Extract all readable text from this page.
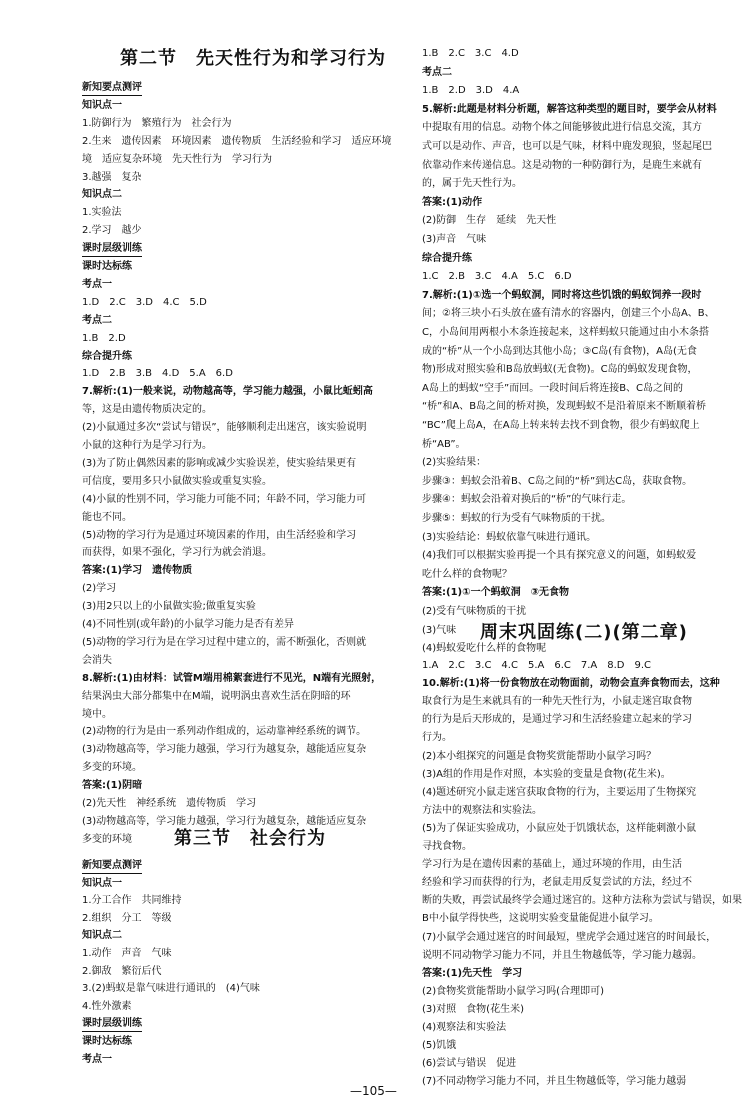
第二节　先天性行为和学习行为
新知要点测评
知识点一
1.防御行为　繁殖行为　社会行为
2.生来　遗传因素　环境因素　遗传物质　生活经验和学习　适应环境
境　适应复杂环境　先天性行为　学习行为
3.越强　复杂
知识点二
1.实验法
2.学习　越少
课时层级训练
课时达标练
考点一
1.D　2.C　3.D　4.C　5.D
考点二
1.B　2.D
综合提升练
1.D　2.B　3.B　4.D　5.A　6.D
7.解析:(1)一般来说，动物越高等，学习能力越强，小鼠比蚯蚓高
等，这是由遗传物质决定的。
(2)小鼠通过多次“尝试与错误”，能够顺利走出迷宫，该实验说明
小鼠的这种行为是学习行为。
(3)为了防止偶然因素的影响或减少实验误差，使实验结果更有
可信度，要用多只小鼠做实验或重复实验。
(4)小鼠的性别不同，学习能力可能不同；年龄不同，学习能力可
能也不同。
(5)动物的学习行为是通过环境因素的作用，由生活经验和学习
而获得，如果不强化，学习行为就会消退。
答案:(1)学习　遗传物质
(2)学习
(3)用2只以上的小鼠做实验;做重复实验
(4)不同性别(或年龄)的小鼠学习能力是否有差异
(5)动物的学习行为是在学习过程中建立的，需不断强化，否则就
会消失
8.解析:(1)由材料：试管M端用棉絮套进行不见光，N端有光照射，
结果涡虫大部分都集中在M端，说明涡虫喜欢生活在阴暗的环
境中。
(2)动物的行为是由一系列动作组成的，运动靠神经系统的调节。
(3)动物越高等，学习能力越强，学习行为越复杂，越能适应复杂
多变的环境。
答案:(1)阴暗
(2)先天性　神经系统　遗传物质　学习
(3)动物越高等，学习能力越强，学习行为越复杂，越能适应复杂
多变的环境 第三节　社会行为
新知要点测评
知识点一
1.分工合作　共同维持
2.组织　分工　等级
知识点二
1.动作　声音　气味
2.御敌　繁衍后代
3.(2)蚂蚁是靠气味进行通讯的　(4)气味
4.性外激素
课时层级训练
课时达标练
考点一
1.B　2.C　3.C　4.D
考点二
1.B　2.D　3.D　4.A
5.解析:此题是材料分析题，解答这种类型的题目时，要学会从材料
中提取有用的信息。动物个体之间能够彼此进行信息交流，其方
式可以是动作、声音，也可以是气味，材料中鹿发现狼，竖起尾巴
依靠动作来传递信息。这是动物的一种防御行为，是鹿生来就有
的，属于先天性行为。
答案:(1)动作
(2)防御　生存　延续　先天性
(3)声音　气味
综合提升练
1.C　2.B　3.C　4.A　5.C　6.D
7.解析:(1)①选一个蚂蚁洞，同时将这些饥饿的蚂蚁饲养一段时
间；②将三块小石头放在盛有清水的容器内，创建三个小岛A、B、
C，小岛间用两根小木条连接起来，这样蚂蚁只能通过由小木条搭
成的“桥”从一个小岛到达其他小岛；③C岛(有食物)，A岛(无食
物)形成对照实验和B岛放蚂蚁(无食物)。C岛的蚂蚁发现食物，
A岛上的蚂蚁“空手”而回。一段时间后将连接B、C岛之间的
“桥”和A、B岛之间的桥对换，发现蚂蚁不是沿着原来不断顺着桥
“BC”爬上岛A，在A岛上转来转去找不到食物，很少有蚂蚁爬上
桥“AB”。
(2)实验结果：
步骤③：蚂蚁会沿着B、C岛之间的“桥”到达C岛，获取食物。
步骤④：蚂蚁会沿着对换后的“桥”的气味行走。
步骤⑤：蚂蚁的行为受有气味物质的干扰。
(3)实验结论：蚂蚁依靠气味进行通讯。
(4)我们可以根据实验再提一个具有探究意义的问题，如蚂蚁爱
吃什么样的食物呢？
答案:(1)①一个蚂蚁洞　③无食物
(2)受有气味物质的干扰
(3)气味
(4)蚂蚁爱吃什么样的食物呢
周末巩固练(二)(第二章)
1.A　2.C　3.C　4.C　5.A　6.C　7.A　8.D　9.C
10.解析:(1)将一份食物放在动物面前，动物会直奔食物而去，这种
取食行为是生来就具有的一种先天性行为，小鼠走迷宫取食物
的行为是后天形成的，是通过学习和生活经验建立起来的学习
行为。
(2)本小组探究的问题是食物奖赏能帮助小鼠学习吗？
(3)A组的作用是作对照，本实验的变量是食物(花生米)。
(4)题述研究小鼠走迷宫获取食物的行为，主要运用了生物探究
方法中的观察法和实验法。
(5)为了保证实验成功，小鼠应处于饥饿状态，这样能刺激小鼠
寻找食物。
学习行为是在遗传因素的基础上，通过环境的作用，由生活
经验和学习而获得的行为，老鼠走用反复尝试的方法，经过不
断的失败，再尝试最终学会通过迷宫的。这种方法称为尝试与错误，如果
B中小鼠学得快些，这说明实验变量能促进小鼠学习。
(7)小鼠学会通过迷宫的时间最短，壁虎学会通过迷宫的时间最长，
说明不同动物学习能力不同，并且生物越低等，学习能力越弱。
答案:(1)先天性　学习
(2)食物奖赏能帮助小鼠学习吗(合理即可)
(3)对照　食物(花生米)
(4)观察法和实验法
(5)饥饿
(6)尝试与错误　促进
(7)不同动物学习能力不同，并且生物越低等，学习能力越弱
—105—
